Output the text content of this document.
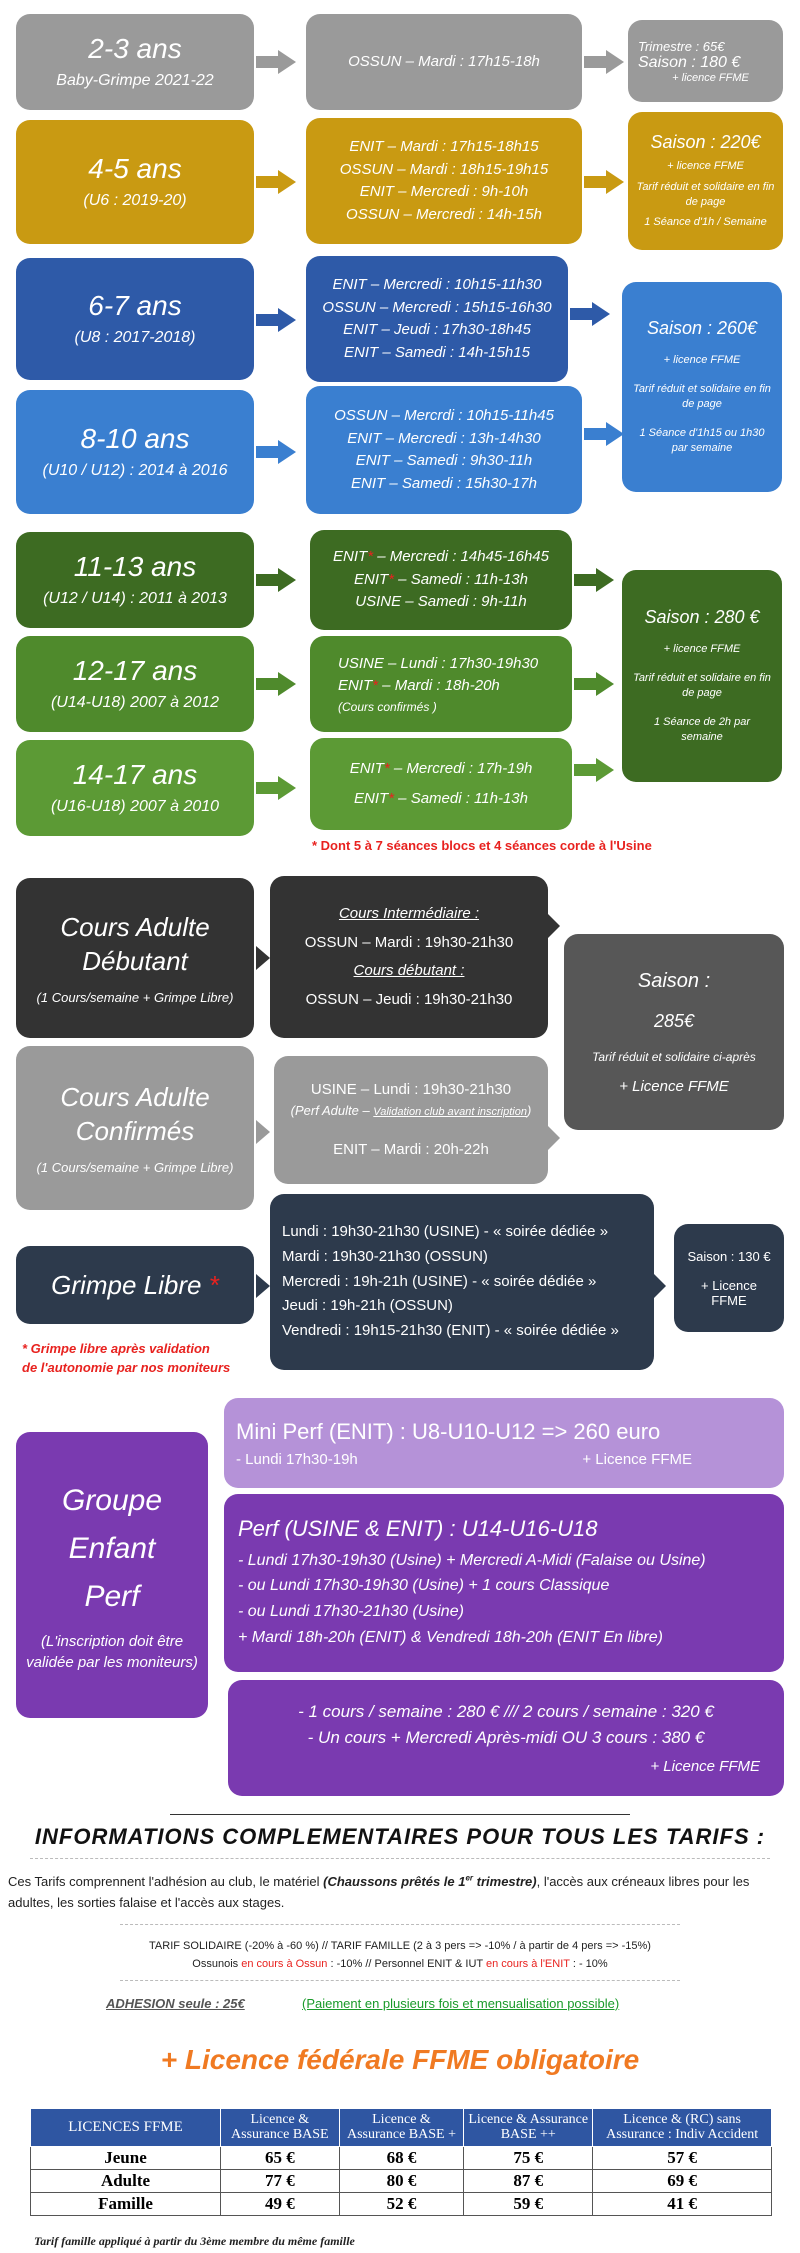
2-3 ans
Baby-Grimpe 2021-22
OSSUN – Mardi : 17h15-18h
Trimestre : 65€
Saison : 180 €
+ licence FFME
4-5 ans
(U6 : 2019-20)
ENIT – Mardi : 17h15-18h15
OSSUN – Mardi : 18h15-19h15
ENIT – Mercredi : 9h-10h
OSSUN – Mercredi : 14h-15h
Saison : 220€
+ licence FFME
Tarif réduit et solidaire en fin de page
1 Séance d'1h / Semaine
6-7 ans
(U8 : 2017-2018)
ENIT – Mercredi : 10h15-11h30
OSSUN – Mercredi : 15h15-16h30
ENIT – Jeudi : 17h30-18h45
ENIT – Samedi : 14h-15h15
8-10 ans
(U10 / U12) : 2014 à 2016
OSSUN – Mercrdi : 10h15-11h45
ENIT – Mercredi : 13h-14h30
ENIT – Samedi : 9h30-11h
ENIT – Samedi : 15h30-17h
Saison : 260€
+ licence FFME
Tarif réduit et solidaire en fin de page
1 Séance d'1h15 ou 1h30 par semaine
11-13 ans
(U12 / U14) : 2011 à 2013
ENIT* – Mercredi : 14h45-16h45
ENIT* – Samedi : 11h-13h
USINE – Samedi : 9h-11h
12-17 ans
(U14-U18) 2007 à 2012
USINE – Lundi : 17h30-19h30
ENIT* – Mardi : 18h-20h
(Cours confirmés )
14-17 ans
(U16-U18) 2007 à 2010
ENIT* – Mercredi : 17h-19h
ENIT* – Samedi : 11h-13h
Saison : 280 €
+ licence FFME
Tarif réduit et solidaire en fin de page
1 Séance de 2h par semaine
* Dont 5 à 7 séances blocs et 4 séances corde à l'Usine
Cours Adulte
Débutant
(1 Cours/semaine + Grimpe Libre)
Cours Intermédiaire :
OSSUN – Mardi : 19h30-21h30
Cours débutant :
OSSUN – Jeudi : 19h30-21h30
Cours Adulte
Confirmés
(1 Cours/semaine + Grimpe Libre)
USINE – Lundi : 19h30-21h30
(Perf Adulte – Validation club avant inscription)
ENIT – Mardi : 20h-22h
Saison :
285€
Tarif réduit et solidaire ci-après
+ Licence FFME
Grimpe Libre *
Lundi : 19h30-21h30 (USINE) - « soirée dédiée »
Mardi : 19h30-21h30 (OSSUN)
Mercredi : 19h-21h (USINE) - « soirée dédiée »
Jeudi : 19h-21h (OSSUN)
Vendredi : 19h15-21h30 (ENIT) - « soirée dédiée »
Saison : 130 €
+ Licence FFME
* Grimpe libre après validation
de l'autonomie par nos moniteurs
Groupe
Enfant
Perf
(L'inscription doit être validée par les moniteurs)
Mini Perf (ENIT) : U8-U10-U12 => 260 euro
- Lundi 17h30-19h	+ Licence FFME
Perf (USINE & ENIT) : U14-U16-U18
- Lundi 17h30-19h30 (Usine) + Mercredi A-Midi (Falaise ou Usine)
- ou Lundi 17h30-19h30 (Usine) + 1 cours Classique
- ou Lundi 17h30-21h30 (Usine)
+ Mardi 18h-20h (ENIT) & Vendredi 18h-20h (ENIT En libre)
- 1 cours / semaine : 280 € /// 2 cours / semaine : 320 €
- Un cours + Mercredi Après-midi OU 3 cours : 380 €
+ Licence FFME
INFORMATIONS COMPLEMENTAIRES POUR TOUS LES TARIFS :
Ces Tarifs comprennent l'adhésion au club, le matériel (Chaussons prêtés le 1er trimestre), l'accès aux créneaux libres pour les adultes, les sorties falaise et l'accès aux stages.
TARIF SOLIDAIRE (-20% à -60 %) // TARIF FAMILLE (2 à 3 pers => -10% / à partir de 4 pers => -15%)
Ossunois en cours à Ossun : -10% // Personnel ENIT & IUT en cours à l'ENIT : - 10%
ADHESION seule : 25€	(Paiement en plusieurs fois et mensualisation possible)
+ Licence fédérale FFME obligatoire
LICENCES FFME	Licence & Assurance BASE	Licence & Assurance BASE +	Licence & Assurance BASE ++	Licence & (RC) sans Assurance : Indiv Accident
Jeune	65 €	68 €	75 €	57 €
Adulte	77 €	80 €	87 €	69 €
Famille	49 €	52 €	59 €	41 €
Tarif famille appliqué à partir du 3ème membre du même famille
